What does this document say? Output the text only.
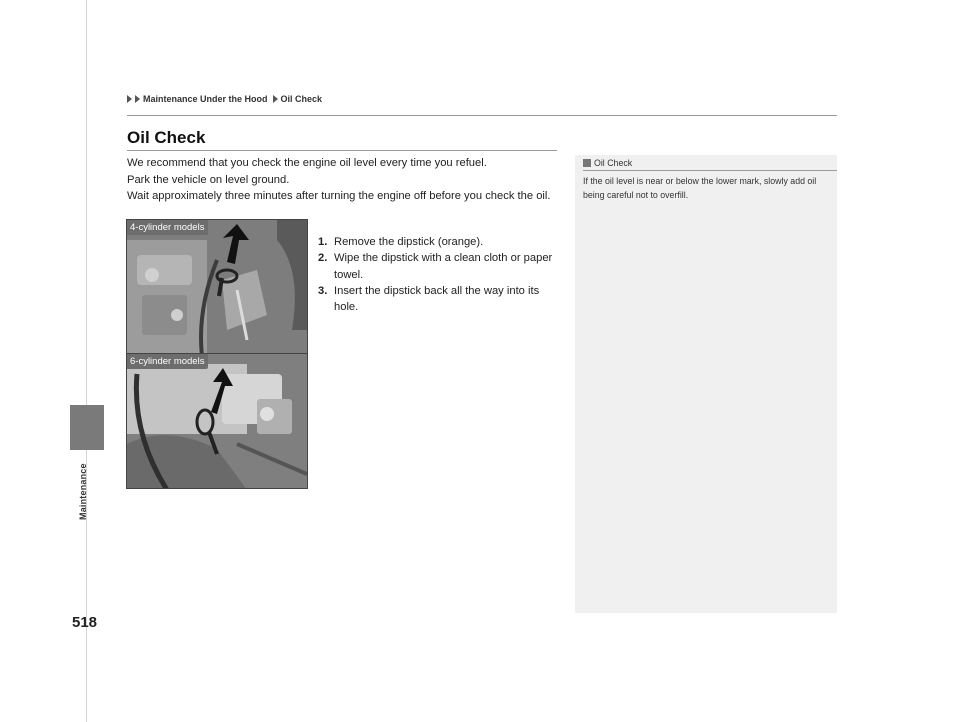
Maintenance
Maintenance Under the Hood Oil Check
Oil Check
We recommend that you check the engine oil level every time you refuel.
Park the vehicle on level ground.
Wait approximately three minutes after turning the engine off before you check the oil.
1. Remove the dipstick (orange).
2. Wipe the dipstick with a clean cloth or paper towel.
3. Insert the dipstick back all the way into its hole.
4-cylinder models
6-cylinder models
Oil Check
If the oil level is near or below the lower mark, slowly add oil being careful not to overfill.
518
